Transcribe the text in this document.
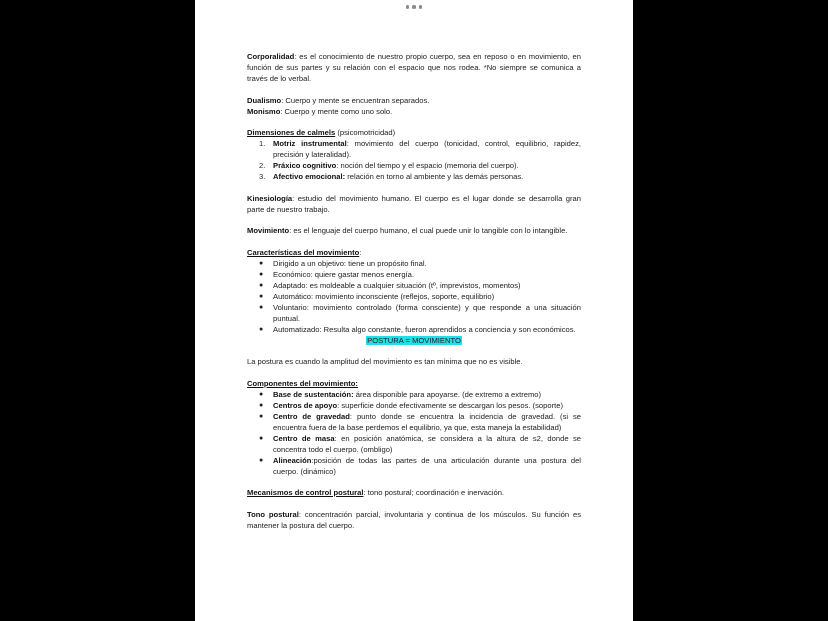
Corporalidad: es el conocimiento de nuestro propio cuerpo, sea en reposo o en movimiento, en función de sus partes y su relación con el espacio que nos rodea. *No siempre se comunica a través de lo verbal.

Dualismo: Cuerpo y mente se encuentran separados.

Monismo: Cuerpo y mente como uno solo.

Dimensiones de calmels (psicomotricidad)

1. Motriz instrumental: movimiento del cuerpo (tonicidad, control, equilibrio, rapidez, precisión y lateralidad).
2. Práxico cognitivo: noción del tiempo y el espacio (memoria del cuerpo).
3. Afectivo emocional: relación en torno al ambiente y las demás personas.

Kinesiología: estudio del movimiento humano. El cuerpo es el lugar donde se desarrolla gran parte de nuestro trabajo.

Movimiento: es el lenguaje del cuerpo humano, el cual puede unir lo tangible con lo intangible.

Características del movimiento:

● Dirigido a un objetivo: tiene un propósito final.
● Económico: quiere gastar menos energía.
● Adaptado: es moldeable a cualquier situación (tº, imprevistos, momentos)
● Automático: movimiento inconsciente (reflejos, soporte, equilibrio)
● Voluntario: movimiento controlado (forma consciente) y que responde a una situación puntual.
● Automatizado: Resulta algo constante, fueron aprendidos a conciencia y son económicos.

POSTURA = MOVIMIENTO

La postura es cuando la amplitud del movimiento es tan mínima que no es visible.

Componentes del movimiento:

● Base de sustentación: área disponible para apoyarse. (de extremo a extremo)
● Centros de apoyo: superficie donde efectivamente se descargan los pesos. (soporte)
● Centro de gravedad: punto donde se encuentra la incidencia de gravedad. (si se encuentra fuera de la base perdemos el equilibrio, ya que, esta maneja la estabilidad)
● Centro de masa: en posición anatómica, se considera a la altura de s2, donde se concentra todo el cuerpo. (ombligo)
● Alineación:posición de todas las partes de una articulación durante una postura del cuerpo. (dinámico)

Mecanismos de control postural: tono postural; coordinación e inervación.

Tono postural: concentración parcial, involuntaria y continua de los músculos. Su función es mantener la postura del cuerpo.
